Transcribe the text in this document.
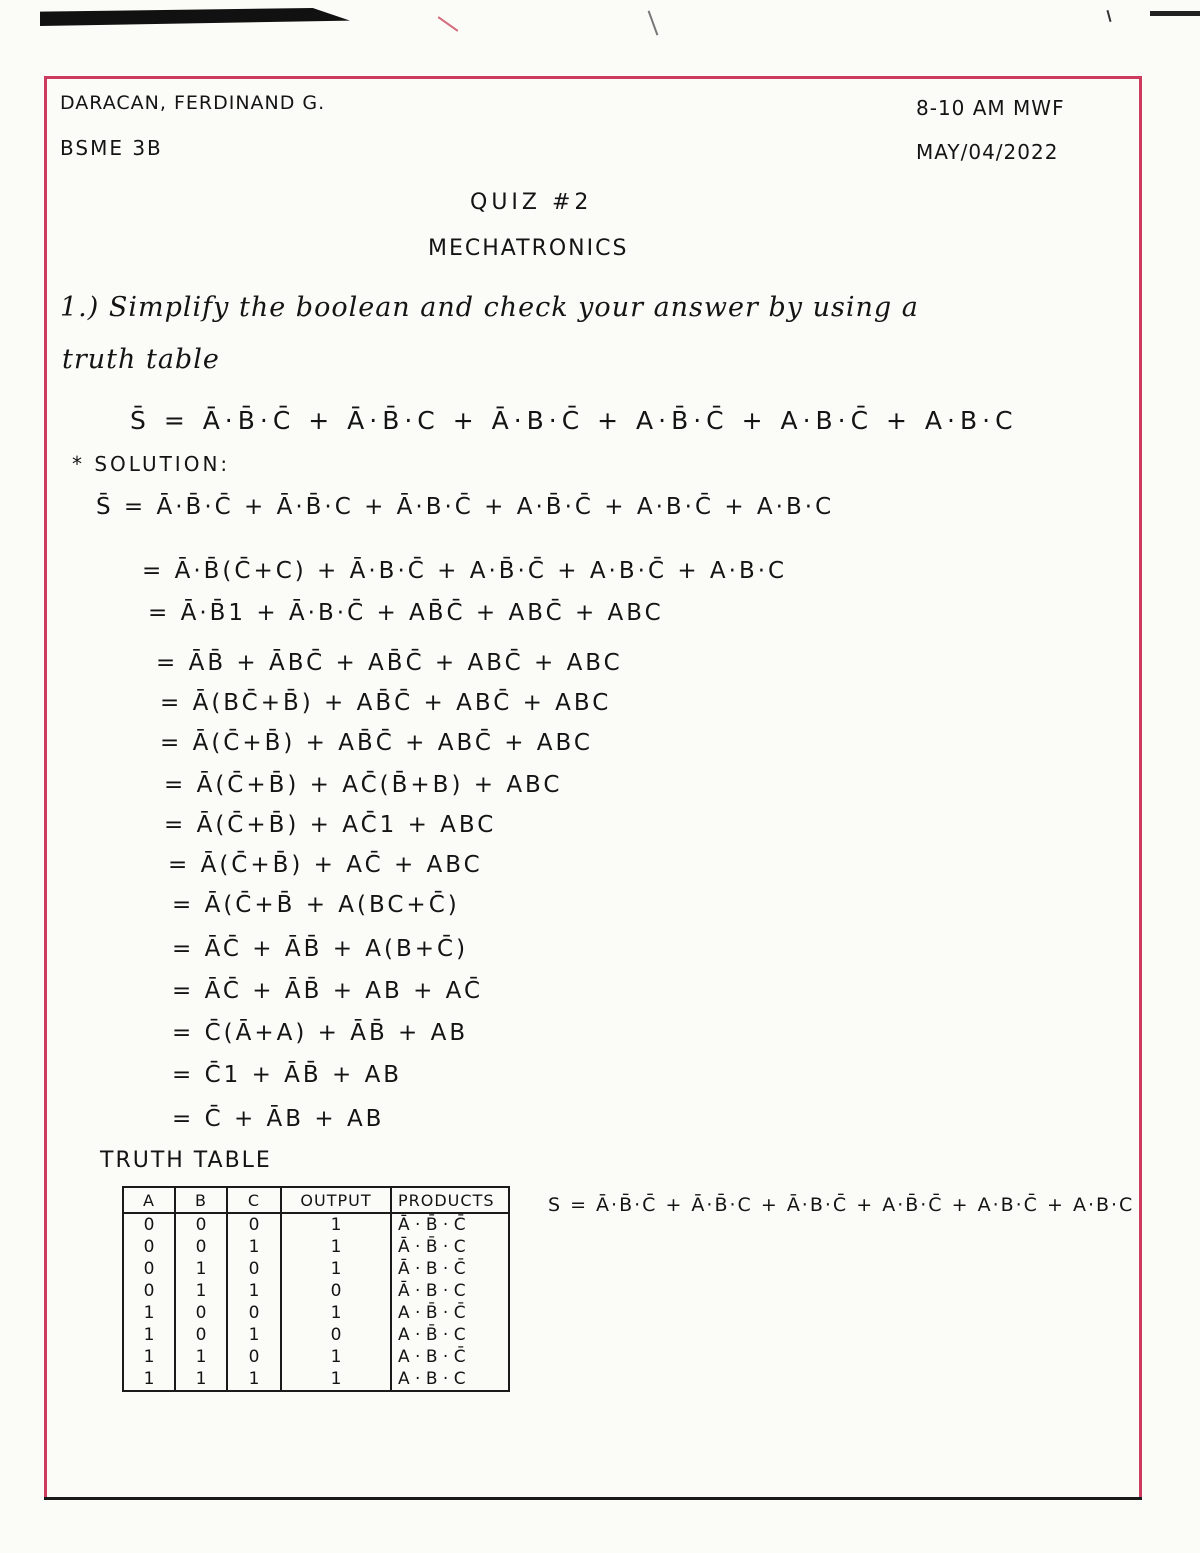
DARACAN, FERDINAND G.
BSME 3B
8-10 AM MWF
MAY/04/2022
QUIZ #2
MECHATRONICS
1.) Simplify the boolean and check your answer by using a
truth table
S̄ = Ā·B̄·C̄ + Ā·B̄·C + Ā·B·C̄ + A·B̄·C̄ + A·B·C̄ + A·B·C
* SOLUTION:
S̄ = Ā·B̄·C̄ + Ā·B̄·C + Ā·B·C̄ + A·B̄·C̄ + A·B·C̄ + A·B·C
= Ā·B̄(C̄+C) + Ā·B·C̄ + A·B̄·C̄ + A·B·C̄ + A·B·C
= Ā·B̄1 + Ā·B·C̄ + AB̄C̄ + ABC̄ + ABC
= ĀB̄ + ĀBC̄ + AB̄C̄ + ABC̄ + ABC
= Ā(BC̄+B̄) + AB̄C̄ + ABC̄ + ABC
= Ā(C̄+B̄) + AB̄C̄ + ABC̄ + ABC
= Ā(C̄+B̄) + AC̄(B̄+B) + ABC
= Ā(C̄+B̄) + AC̄1 + ABC
= Ā(C̄+B̄) + AC̄ + ABC
= Ā(C̄+B̄ + A(BC+C̄)
= ĀC̄ + ĀB̄ + A(B+C̄)
= ĀC̄ + ĀB̄ + AB + AC̄
= C̄(Ā+A) + ĀB̄ + AB
= C̄1 + ĀB̄ + AB
= C̄ + ĀB + AB
TRUTH TABLE
A	B	C	OUTPUT	PRODUCTS
0	0	0	1	Ā · B̄ · C̄
0	0	1	1	Ā · B̄ · C
0	1	0	1	Ā · B · C̄
0	1	1	0	Ā · B · C
1	0	0	1	A · B̄ · C̄
1	0	1	0	A · B̄ · C
1	1	0	1	A · B · C̄
1	1	1	1	A · B · C
S = Ā·B̄·C̄ + Ā·B̄·C + Ā·B·C̄ + A·B̄·C̄ + A·B·C̄ + A·B·C
